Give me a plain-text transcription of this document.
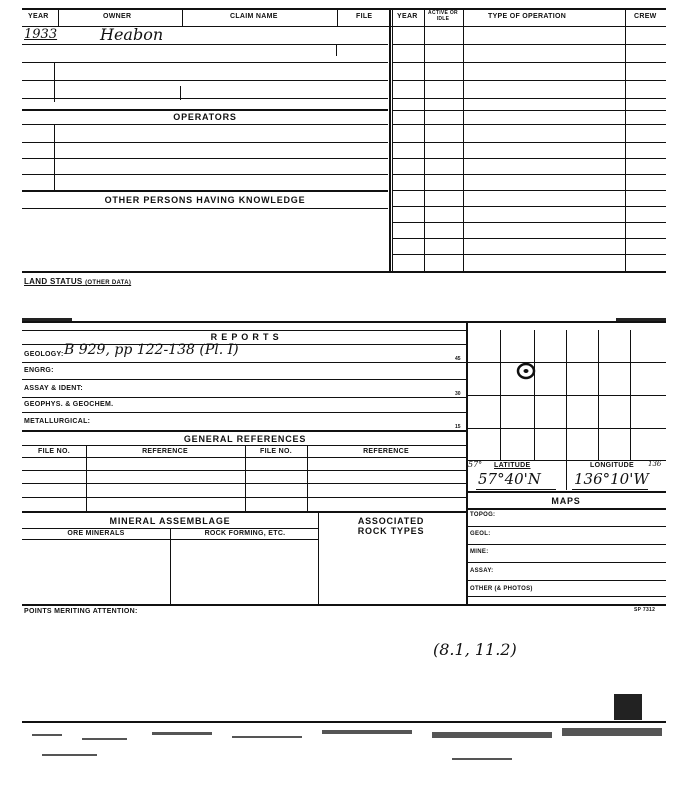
YEAR	OWNER	CLAIM NAME	FILE	YEAR ACTIVE OR IDLE	TYPE OF OPERATION	CREW
OPERATORS
OTHER PERSONS HAVING KNOWLEDGE
1933	Heabon
LAND STATUS (OTHER DATA)
R E P O R T S
GEOLOGY: B 929, pp 122-138 (Pl. I)
ENGRG:
ASSAY & IDENT:
GEOPHYS. & GEOCHEM.
METALLURGICAL:
45
30
15
GENERAL REFERENCES
FILE NO.	REFERENCE	FILE NO.	REFERENCE
MINERAL ASSEMBLAGE	ASSOCIATED
ROCK TYPES
ORE MINERALS	ROCK FORMING, ETC.
57° LATITUDE	LONGITUDE 136
57°40'N 136°10'W
MAPS
TOPOG:
GEOL:
MINE:
ASSAY:
OTHER (& PHOTOS)
POINTS MERITING ATTENTION:	SP 7312
(8.1, 11.2)
